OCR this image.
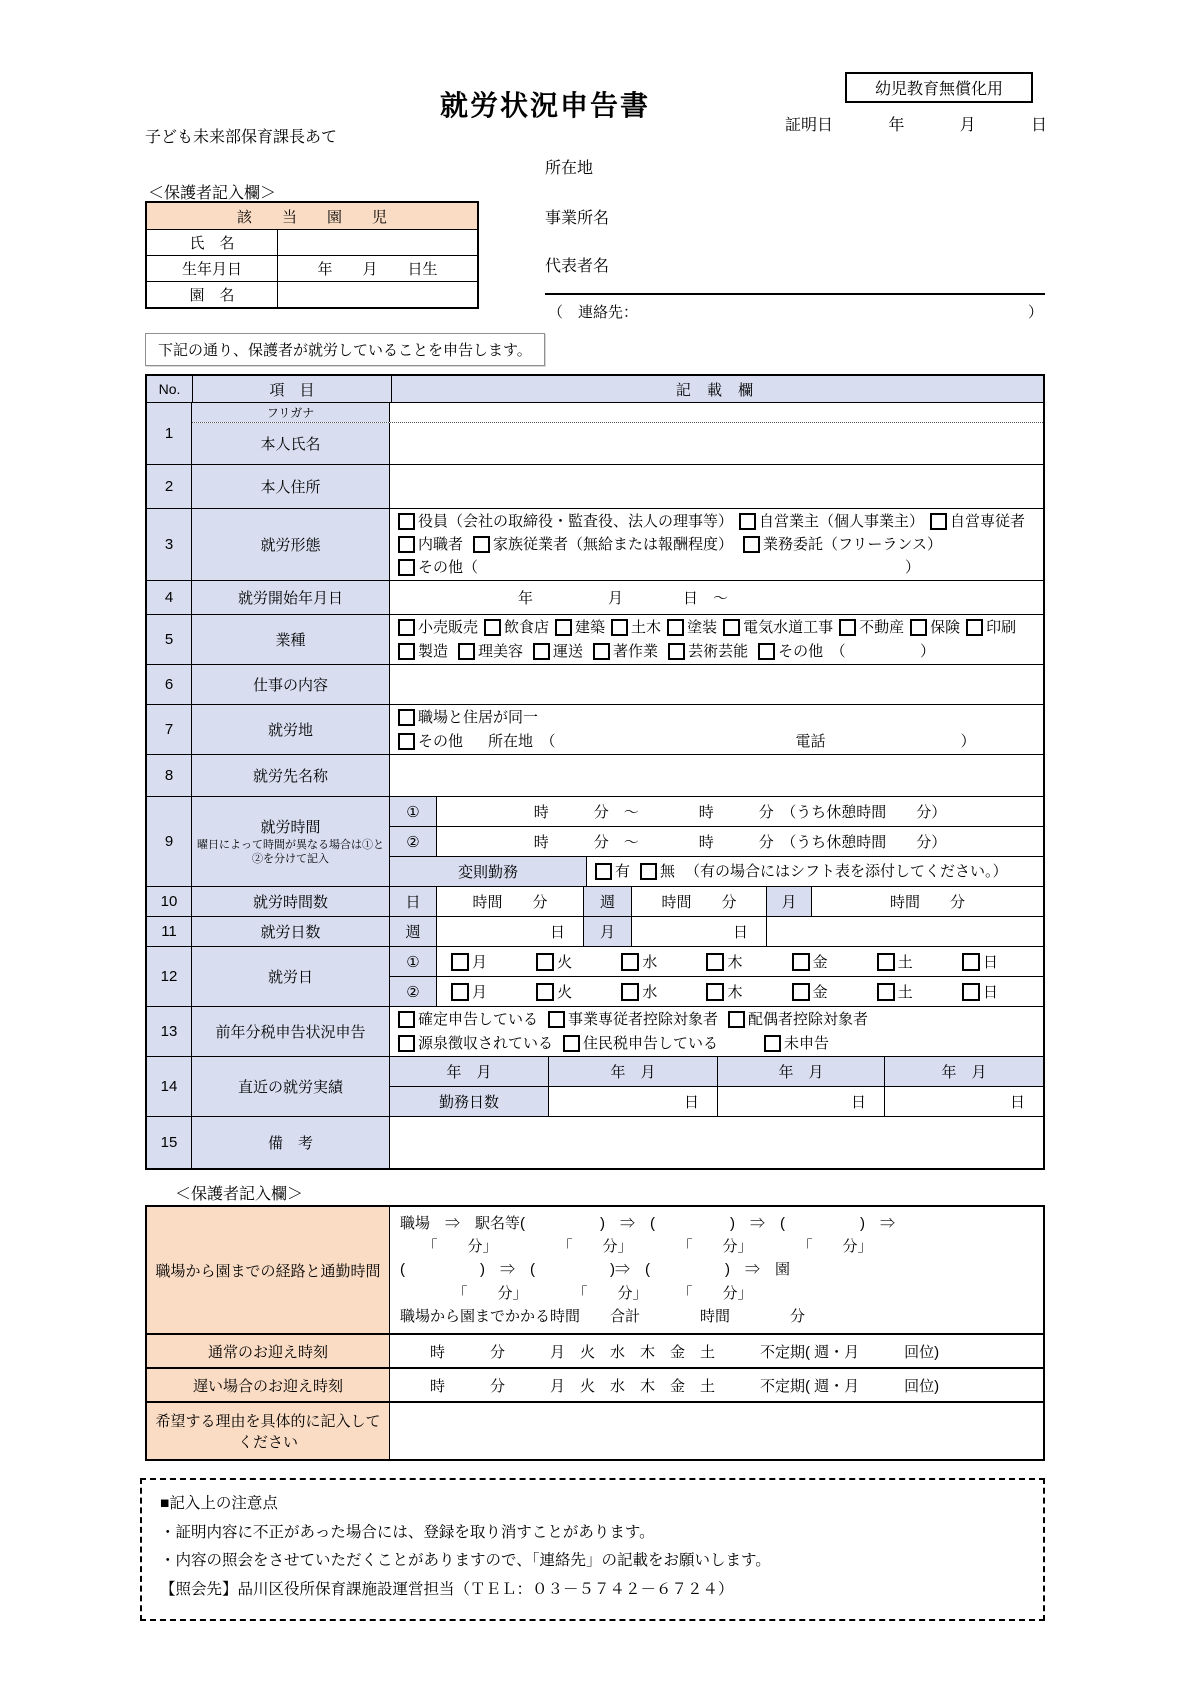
幼児教育無償化用
就労状況申告書
証明日	年	月	日
子ども未来部保育課長あて
所在地
事業所名
代表者名
（　連絡先：	）
＜保護者記入欄＞
該　　当　　園　　児
氏　名
生年月日	年　　月　　日生
園　名
下記の通り、保護者が就労していることを申告します。
No.	項　目	記 載 欄
1
フリガナ
本人氏名
2	本人住所
3	就労形態
役員（会社の取締役・監査役、法人の理事等） 自営業主（個人事業主） 自営専従者
内職者 家族従業者（無給または報酬程度） 業務委託（フリーランス）
その他（	）
4	就労開始年月日	　　　　　　　　年　　　　　月　　　　日　～
5	業種
小売販売 飲食店 建築 土木 塗装 電気水道工事 不動産 保険 印刷
製造 理美容 運送 著作業 芸術芸能 その他　（	）
6	仕事の内容
7	就労地
職場と住居が同一
その他 　所在地　（　　　　　　　　　　　　　　　　電話　　　　　　　　　）
8	就労先名称
9
就労時間
曜日によって時間が異なる場合は①と②を分けて記入
①	時　　　分　～　　　　時　　　分　（うち休憩時間　　分）
②	時　　　分　～　　　　時　　　分　（うち休憩時間　　分）
変則勤務	有 無 （有の場合にはシフト表を添付してください。）
10	就労時間数	日	時間　　分	週	時間　　分	月	時間　　分
11	就労日数	週	日	月	日
12	就労日
①	月	火	水	木	金	土	日
②	月	火	水	木	金	土	日
13	前年分税申告状況申告
確定申告している 事業専従者控除対象者 配偶者控除対象者
源泉徴収されている 住民税申告している	未申告
14	直近の就労実績
年　月	年　月	年　月	年　月
勤務日数	日	日	日
15	備　考
＜保護者記入欄＞
職場から園までの経路と通勤時間
職場　⇒　駅名等(　　　　　)　⇒　(　　　　　)　⇒　(　　　　　)　⇒
　　「　　分」　　　　　「　　分」　　　　「　　分」　　　　「　　分」
(　　　　　)　⇒　(　　　　　)⇒　(　　　　　)　⇒　園
　　　　「　　分」　　　　「　　分」　　　「　　分」
職場から園までかかる時間　　合計　　　　時間　　　　分
通常のお迎え時刻	　　時　　　分　　　月　火　水　木　金　土　　　不定期( 週・月　　　回位)
遅い場合のお迎え時刻	　　時　　　分　　　月　火　水　木　金　土　　　不定期( 週・月　　　回位)
希望する理由を具体的に記入してください
■記入上の注意点
・証明内容に不正があった場合には、登録を取り消すことがあります。
・内容の照会をさせていただくことがありますので、「連絡先」の記載をお願いします。
【照会先】品川区役所保育課施設運営担当（ＴＥＬ：０３－５７４２－６７２４）
